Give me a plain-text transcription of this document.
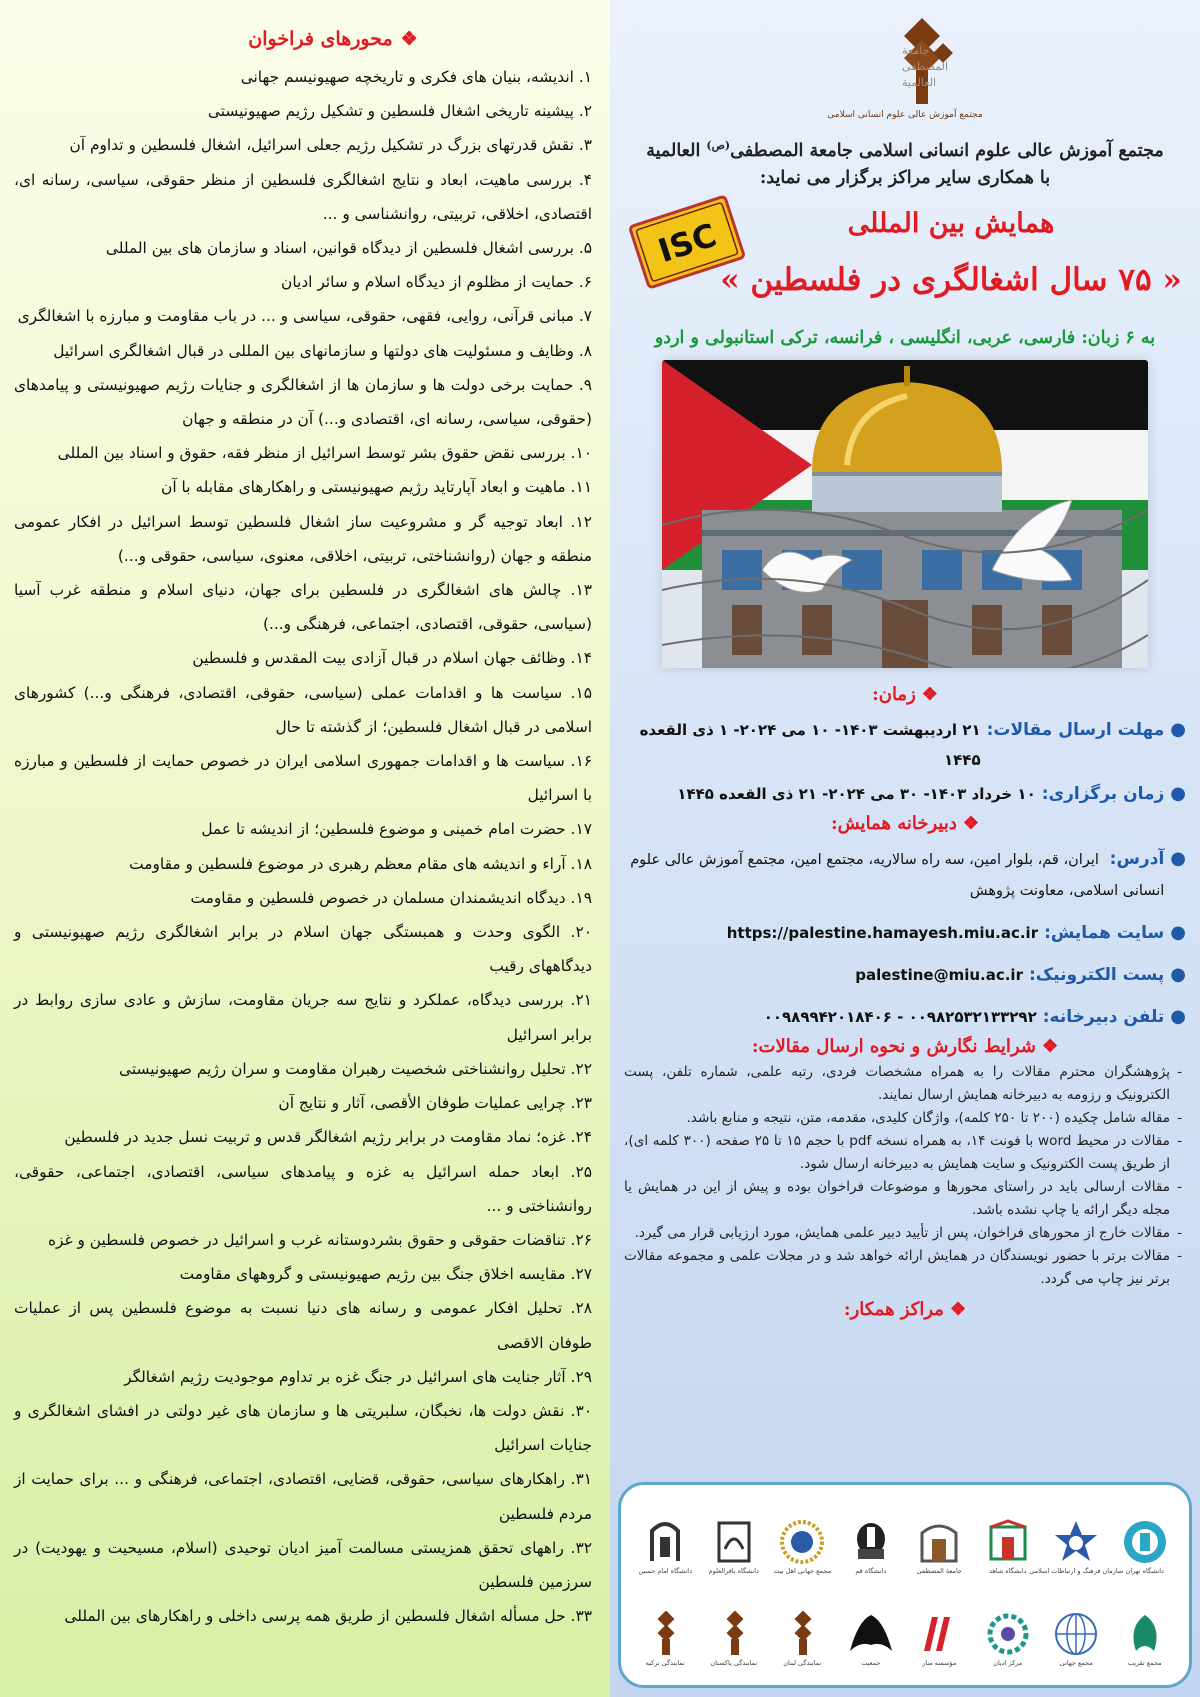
جامعة
المصطفى
العالمية
مجتمع آموزش عالی علوم انسانی اسلامی
مجتمع آموزش عالی علوم انسانی اسلامی جامعة المصطفی$^{(ص)}$ العالمية
با همکاری سایر مراکز برگزار می نماید:
همایش بین المللی
« ۷۵ سال اشغالگری در فلسطین »
ISC
به ۶ زبان: فارسی، عربی، انگلیسی ، فرانسه، ترکی استانبولی و اردو
❖زمان:
●
مهلت ارسال مقالات:
۲۱ اردیبهشت ۱۴۰۳- ۱۰ می ۲۰۲۴- ۱ ذی القعده ۱۴۴۵
●
زمان برگزاری:
۱۰ خرداد ۱۴۰۳- ۳۰ می ۲۰۲۴- ۲۱ ذی القعده ۱۴۴۵
❖دبیرخانه همایش:
●
آدرس: ایران، قم، بلوار امین، سه راه سالاریه، مجتمع امین، مجتمع آموزش عالی علوم انسانی اسلامی، معاونت پژوهش
●
سایت همایش:
https://palestine.hamayesh.miu.ac.ir
●
پست الکترونیک:
palestine@miu.ac.ir
●
تلفن دبیرخانه:
۰۰۹۸۲۵۳۲۱۳۳۲۹۲ - ۰۰۹۸۹۹۴۲۰۱۸۴۰۶
❖شرایط نگارش و نحوه ارسال مقالات:
- پژوهشگران محترم مقالات را به همراه مشخصات فردی، رتبه علمی، شماره تلفن، پست الکترونیک و رزومه به دبیرخانه همایش ارسال نمایند.
- مقاله شامل چکیده (۲۰۰ تا ۲۵۰ کلمه)، واژگان کلیدی، مقدمه، متن، نتیجه و منابع باشد.
- مقالات در محیط word با فونت ۱۴، به همراه نسخه pdf با حجم ۱۵ تا ۲۵ صفحه (۳۰۰ کلمه ای)، از طریق پست الکترونیک و سایت همایش به دبیرخانه ارسال شود.
- مقالات ارسالی باید در راستای محورها و موضوعات فراخوان بوده و پیش از این در همایش یا مجله دیگر ارائه یا چاپ نشده باشد.
- مقالات خارج از محورهای فراخوان، پس از تأیید دبیر علمی همایش، مورد ارزیابی قرار می گیرد.
- مقالات برتر با حضور نویسندگان در همایش ارائه خواهد شد و در مجلات علمی و مجموعه مقالات برتر نیز چاپ می گردد.
❖مراکز همکار:
دانشگاه تهران
سازمان فرهنگ و ارتباطات اسلامی
دانشگاه شاهد
جامعة المصطفی
دانشگاه قم
مجمع جهانی اهل بیت
دانشگاه باقرالعلوم
دانشگاه امام حسین
مجمع تقریب
مجمع جهانی
مرکز ادیان
مؤسسه منار
جمعیت
نمایندگی لبنان
نمایندگی پاکستان
نمایندگی ترکیه
❖محورهای فراخوان
۱. اندیشه، بنیان های فکری و تاریخچه صهیونیسم جهانی
۲. پیشینه تاریخی اشغال فلسطین و تشکیل رژیم صهیونیستی
۳. نقش قدرتهای بزرگ در تشکیل رژیم جعلی اسرائیل، اشغال فلسطین و تداوم آن
۴. بررسی ماهیت، ابعاد و نتایج اشغالگری فلسطین از منظر حقوقی، سیاسی، رسانه ای، اقتصادی، اخلاقی، تربیتی، روانشناسی و ...
۵. بررسی اشغال فلسطین از دیدگاه قوانین، اسناد و سازمان های بین المللی
۶. حمایت از مظلوم از دیدگاه اسلام و سائر ادیان
۷. مبانی قرآنی، روایی، فقهی، حقوقی، سیاسی و ... در باب مقاومت و مبارزه با اشغالگری
۸. وظایف و مسئولیت های دولتها و سازمانهای بین المللی در قبال اشغالگری اسرائیل
۹. حمایت برخی دولت ها و سازمان ها از اشغالگری و جنایات رژیم صهیونیستی و پیامدهای (حقوقی، سیاسی، رسانه ای، اقتصادی و...) آن در منطقه و جهان
۱۰. بررسی نقض حقوق بشر توسط اسرائیل از منظر فقه، حقوق و اسناد بین المللی
۱۱. ماهیت و ابعاد آپارتاید رژیم صهیونیستی و راهکارهای مقابله با آن
۱۲. ابعاد توجیه گر و مشروعیت ساز اشغال فلسطین توسط اسرائیل در افکار عمومی منطقه و جهان (روانشناختی، تربیتی، اخلاقی، معنوی، سیاسی، حقوقی و...)
۱۳. چالش های اشغالگری در فلسطین برای جهان، دنیای اسلام و منطقه غرب آسیا (سیاسی، حقوقی، اقتصادی، اجتماعی، فرهنگی و...)
۱۴. وظائف جهان اسلام در قبال آزادی بیت المقدس و فلسطین
۱۵. سیاست ها و اقدامات عملی (سیاسی، حقوقی، اقتصادی، فرهنگی و...) کشورهای اسلامی در قبال اشغال فلسطین؛ از گذشته تا حال
۱۶. سیاست ها و اقدامات جمهوری اسلامی ایران در خصوص حمایت از فلسطین و مبارزه با اسرائیل
۱۷. حضرت امام خمینی و موضوع فلسطین؛ از اندیشه تا عمل
۱۸. آراء و اندیشه های مقام معظم رهبری در موضوع فلسطین و مقاومت
۱۹. دیدگاه اندیشمندان مسلمان در خصوص فلسطین و مقاومت
۲۰. الگوی وحدت و همبستگی جهان اسلام در برابر اشغالگری رژیم صهیونیستی و دیدگاههای رقیب
۲۱. بررسی دیدگاه، عملکرد و نتایج سه جریان مقاومت، سازش و عادی سازی روابط در برابر اسرائیل
۲۲. تحلیل روانشناختی شخصیت رهبران مقاومت و سران رژیم صهیونیستی
۲۳. چرایی عملیات طوفان الأقصی، آثار و نتایج آن
۲۴. غزه؛ نماد مقاومت در برابر رژیم اشغالگر قدس و تربیت نسل جدید در فلسطین
۲۵. ابعاد حمله اسرائیل به غزه و پیامدهای سیاسی، اقتصادی، اجتماعی، حقوقی، روانشناختی و ...
۲۶. تناقضات حقوقی و حقوق بشردوستانه غرب و اسرائیل در خصوص فلسطین و غزه
۲۷. مقایسه اخلاق جنگ بین رژیم صهیونیستی و گروههای مقاومت
۲۸. تحلیل افکار عمومی و رسانه های دنیا نسبت به موضوع فلسطین پس از عملیات طوفان الاقصی
۲۹. آثار جنایت های اسرائیل در جنگ غزه بر تداوم موجودیت رژیم اشغالگر
۳۰. نقش دولت ها، نخبگان، سلبریتی ها و سازمان های غیر دولتی در افشای اشغالگری و جنایات اسرائیل
۳۱. راهکارهای سیاسی، حقوقی، قضایی، اقتصادی، اجتماعی، فرهنگی و ... برای حمایت از مردم فلسطین
۳۲. راههای تحقق همزیستی مسالمت آمیز ادیان توحیدی (اسلام، مسیحیت و یهودیت) در سرزمین فلسطین
۳۳. حل مسأله اشغال فلسطین از طریق همه پرسی داخلی و راهکارهای بین المللی
